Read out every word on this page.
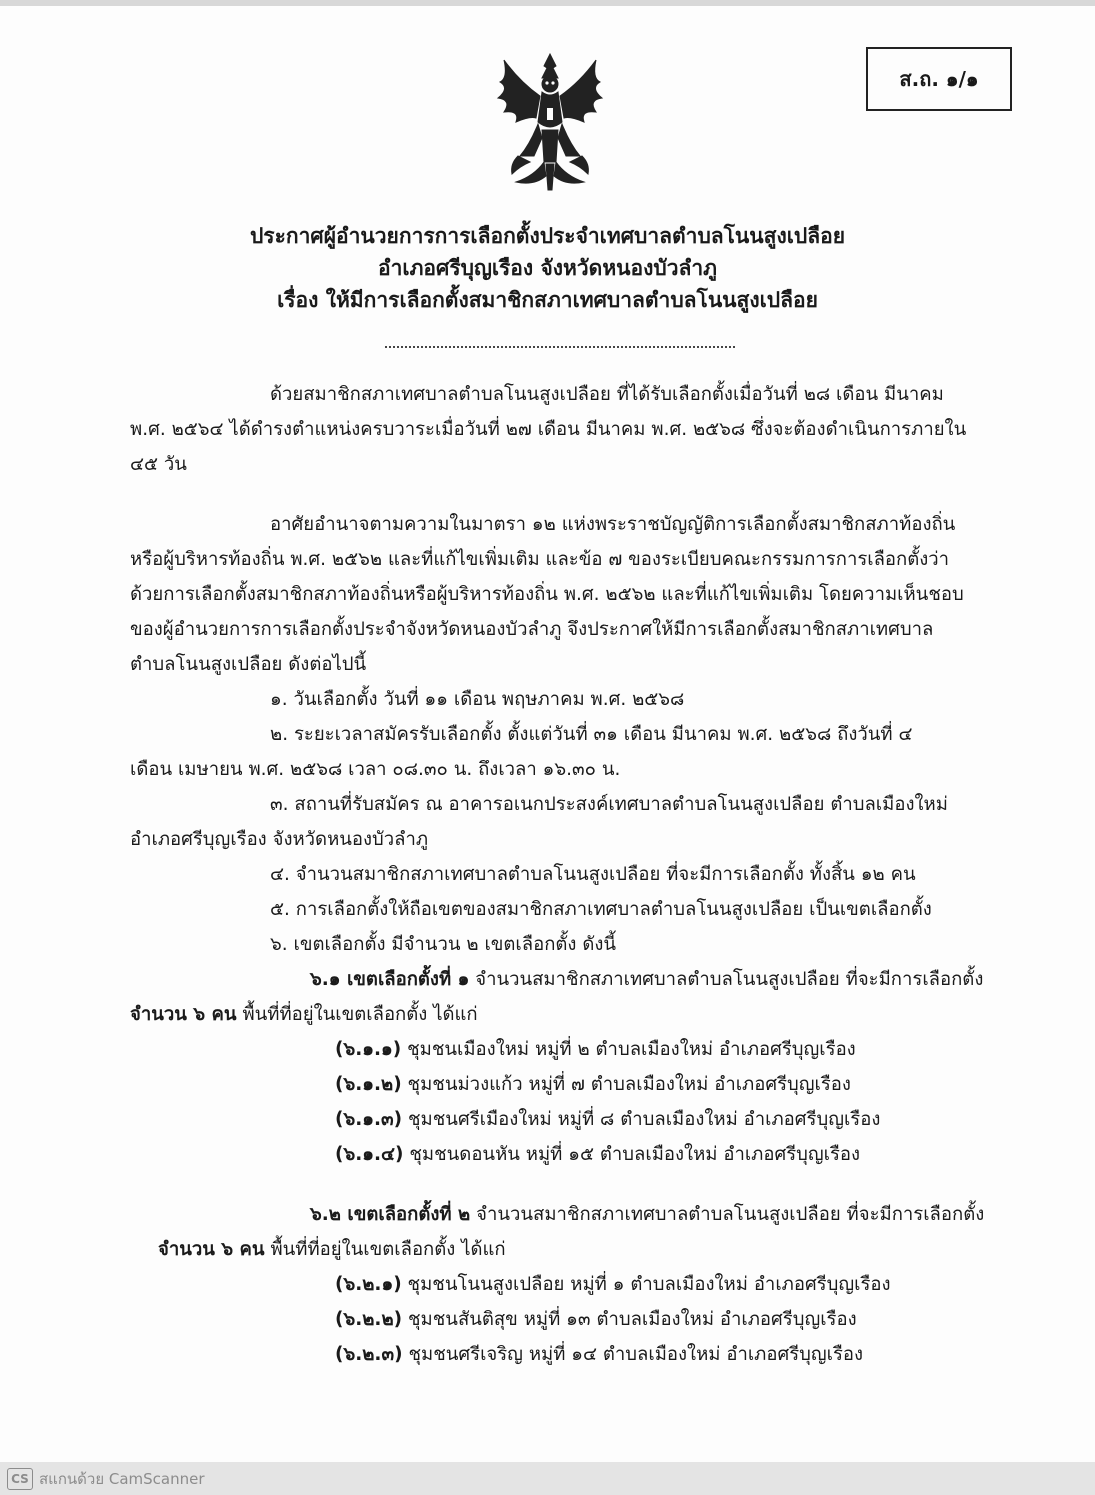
ส.ถ. ๑/๑
ประกาศผู้อำนวยการการเลือกตั้งประจำเทศบาลตำบลโนนสูงเปลือย
อำเภอศรีบุญเรือง จังหวัดหนองบัวลำภู
เรื่อง ให้มีการเลือกตั้งสมาชิกสภาเทศบาลตำบลโนนสูงเปลือย
ด้วยสมาชิกสภาเทศบาลตำบลโนนสูงเปลือย ที่ได้รับเลือกตั้งเมื่อวันที่ ๒๘ เดือน มีนาคม
พ.ศ. ๒๕๖๔ ได้ดำรงตำแหน่งครบวาระเมื่อวันที่ ๒๗ เดือน มีนาคม พ.ศ. ๒๕๖๘ ซึ่งจะต้องดำเนินการภายใน
๔๕ วัน
อาศัยอำนาจตามความในมาตรา ๑๒ แห่งพระราชบัญญัติการเลือกตั้งสมาชิกสภาท้องถิ่น
หรือผู้บริหารท้องถิ่น พ.ศ. ๒๕๖๒ และที่แก้ไขเพิ่มเติม และข้อ ๗ ของระเบียบคณะกรรมการการเลือกตั้งว่า
ด้วยการเลือกตั้งสมาชิกสภาท้องถิ่นหรือผู้บริหารท้องถิ่น พ.ศ. ๒๕๖๒ และที่แก้ไขเพิ่มเติม โดยความเห็นชอบ
ของผู้อำนวยการการเลือกตั้งประจำจังหวัดหนองบัวลำภู จึงประกาศให้มีการเลือกตั้งสมาชิกสภาเทศบาล
ตำบลโนนสูงเปลือย ดังต่อไปนี้
๑. วันเลือกตั้ง วันที่ ๑๑ เดือน พฤษภาคม พ.ศ. ๒๕๖๘
๒. ระยะเวลาสมัครรับเลือกตั้ง ตั้งแต่วันที่ ๓๑ เดือน มีนาคม พ.ศ. ๒๕๖๘ ถึงวันที่ ๔
เดือน เมษายน พ.ศ. ๒๕๖๘ เวลา ๐๘.๓๐ น. ถึงเวลา ๑๖.๓๐ น.
๓. สถานที่รับสมัคร ณ อาคารอเนกประสงค์เทศบาลตำบลโนนสูงเปลือย ตำบลเมืองใหม่
อำเภอศรีบุญเรือง จังหวัดหนองบัวลำภู
๔. จำนวนสมาชิกสภาเทศบาลตำบลโนนสูงเปลือย ที่จะมีการเลือกตั้ง ทั้งสิ้น ๑๒ คน
๕. การเลือกตั้งให้ถือเขตของสมาชิกสภาเทศบาลตำบลโนนสูงเปลือย เป็นเขตเลือกตั้ง
๖. เขตเลือกตั้ง มีจำนวน ๒ เขตเลือกตั้ง ดังนี้
๖.๑ เขตเลือกตั้งที่ ๑ จำนวนสมาชิกสภาเทศบาลตำบลโนนสูงเปลือย ที่จะมีการเลือกตั้ง
จำนวน ๖ คน พื้นที่ที่อยู่ในเขตเลือกตั้ง ได้แก่
(๖.๑.๑) ชุมชนเมืองใหม่ หมู่ที่ ๒ ตำบลเมืองใหม่ อำเภอศรีบุญเรือง
(๖.๑.๒) ชุมชนม่วงแก้ว หมู่ที่ ๗ ตำบลเมืองใหม่ อำเภอศรีบุญเรือง
(๖.๑.๓) ชุมชนศรีเมืองใหม่ หมู่ที่ ๘ ตำบลเมืองใหม่ อำเภอศรีบุญเรือง
(๖.๑.๔) ชุมชนดอนหัน หมู่ที่ ๑๕ ตำบลเมืองใหม่ อำเภอศรีบุญเรือง
๖.๒ เขตเลือกตั้งที่ ๒ จำนวนสมาชิกสภาเทศบาลตำบลโนนสูงเปลือย ที่จะมีการเลือกตั้ง
จำนวน ๖ คน พื้นที่ที่อยู่ในเขตเลือกตั้ง ได้แก่
(๖.๒.๑) ชุมชนโนนสูงเปลือย หมู่ที่ ๑ ตำบลเมืองใหม่ อำเภอศรีบุญเรือง
(๖.๒.๒) ชุมชนสันติสุข หมู่ที่ ๑๓ ตำบลเมืองใหม่ อำเภอศรีบุญเรือง
(๖.๒.๓) ชุมชนศรีเจริญ หมู่ที่ ๑๔ ตำบลเมืองใหม่ อำเภอศรีบุญเรือง
CS สแกนด้วย CamScanner
